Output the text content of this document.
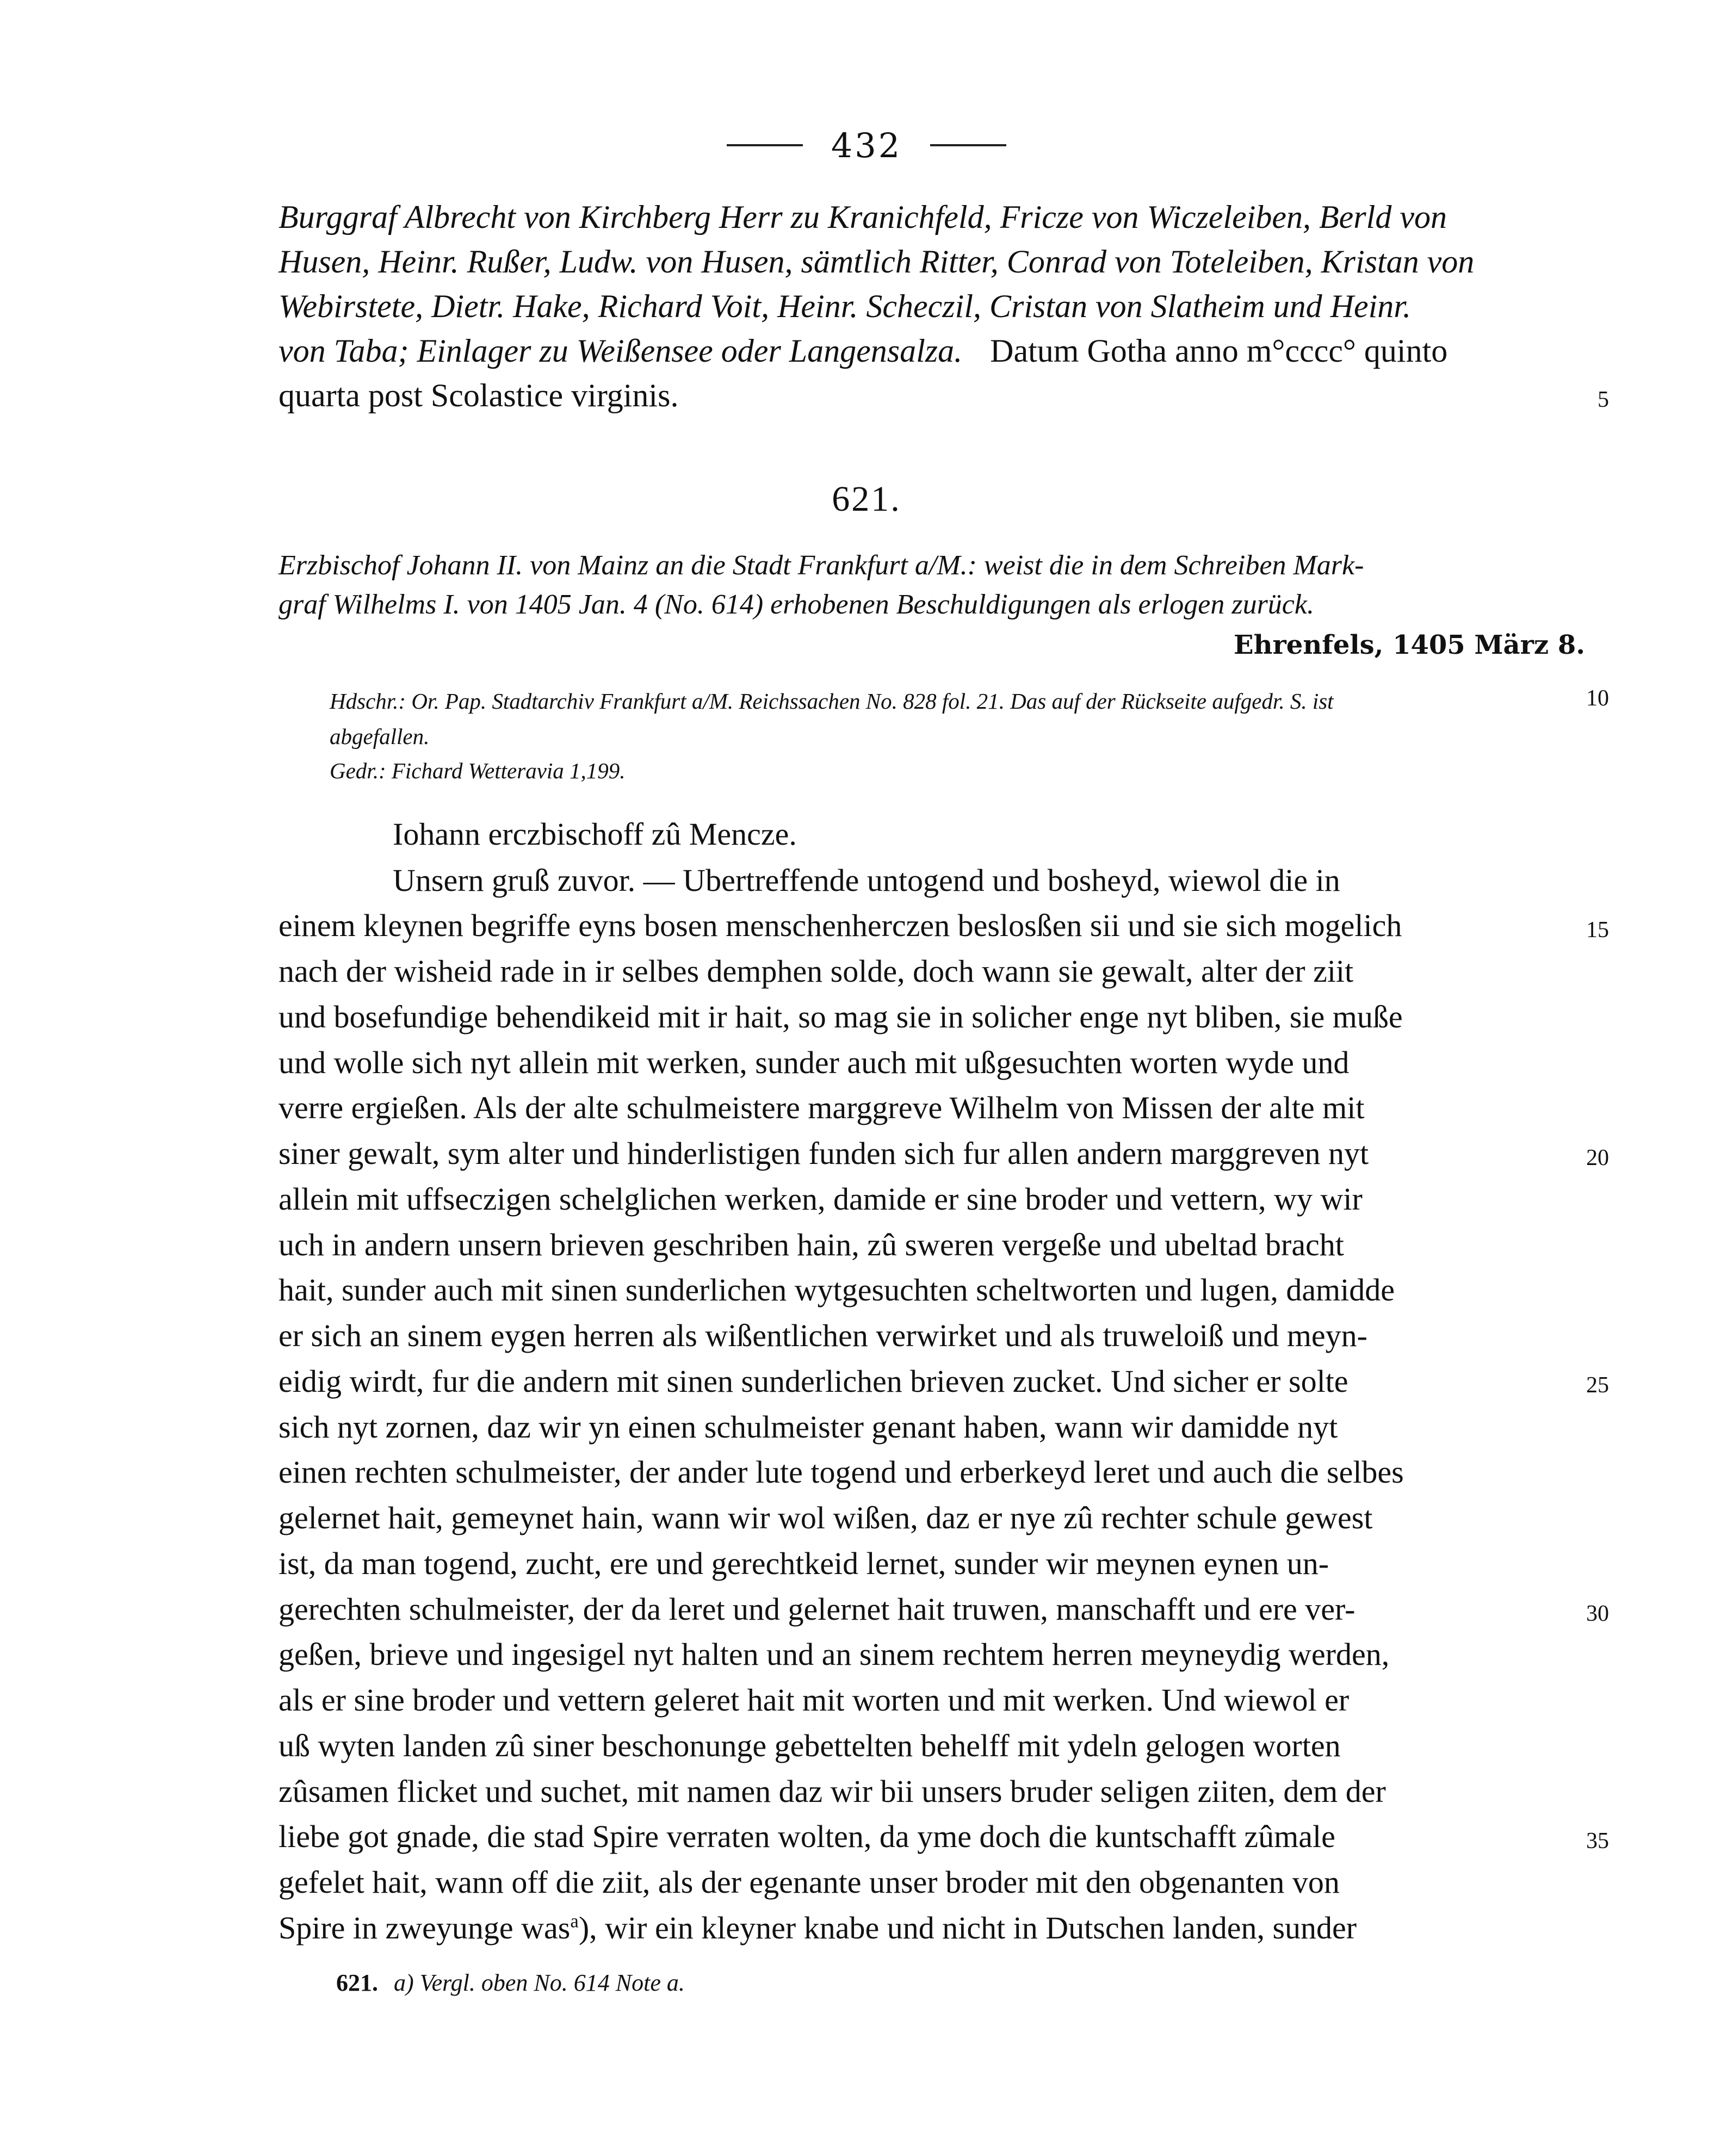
432
Burggraf Albrecht von Kirchberg Herr zu Kranichfeld, Fricze von Wiczeleiben, Berld von
Husen, Heinr. Rußer, Ludw. von Husen, sämtlich Ritter, Conrad von Toteleiben, Kristan von
Webirstete, Dietr. Hake, Richard Voit, Heinr. Scheczil, Cristan von Slatheim und Heinr.
von Taba; Einlager zu Weißensee oder Langensalza. Datum Gotha anno m°cccc° quinto
quarta post Scolastice virginis.	5
10
15
20
25
30
35
621.
Erzbischof Johann II. von Mainz an die Stadt Frankfurt a/M.: weist die in dem Schreiben Mark-
graf Wilhelms I. von 1405 Jan. 4 (No. 614) erhobenen Beschuldigungen als erlogen zurück.
Ehrenfels, 1405 März 8.
Hdschr.: Or. Pap. Stadtarchiv Frankfurt a/M. Reichssachen No. 828 fol. 21. Das auf der Rückseite aufgedr. S. ist
abgefallen.
Gedr.: Fichard Wetteravia 1,199.
Iohann erczbischoff zû Mencze.
Unsern gruß zuvor. — Ubertreffende untogend und bosheyd, wiewol die in
einem kleynen begriffe eyns bosen menschenherczen beslosßen sii und sie sich mogelich
nach der wisheid rade in ir selbes demphen solde, doch wann sie gewalt, alter der ziit
und bosefundige behendikeid mit ir hait, so mag sie in solicher enge nyt bliben, sie muße
und wolle sich nyt allein mit werken, sunder auch mit ußgesuchten worten wyde und
verre ergießen. Als der alte schulmeistere marggreve Wilhelm von Missen der alte mit
siner gewalt, sym alter und hinderlistigen funden sich fur allen andern marggreven nyt
allein mit uffseczigen schelglichen werken, damide er sine broder und vettern, wy wir
uch in andern unsern brieven geschriben hain, zû sweren vergeße und ubeltad bracht
hait, sunder auch mit sinen sunderlichen wytgesuchten scheltworten und lugen, damidde
er sich an sinem eygen herren als wißentlichen verwirket und als truweloiß und meyn-
eidig wirdt, fur die andern mit sinen sunderlichen brieven zucket. Und sicher er solte
sich nyt zornen, daz wir yn einen schulmeister genant haben, wann wir damidde nyt
einen rechten schulmeister, der ander lute togend und erberkeyd leret und auch die selbes
gelernet hait, gemeynet hain, wann wir wol wißen, daz er nye zû rechter schule gewest
ist, da man togend, zucht, ere und gerechtkeid lernet, sunder wir meynen eynen un-
gerechten schulmeister, der da leret und gelernet hait truwen, manschafft und ere ver-
geßen, brieve und ingesigel nyt halten und an sinem rechtem herren meyneydig werden,
als er sine broder und vettern geleret hait mit worten und mit werken. Und wiewol er
uß wyten landen zû siner beschonunge gebettelten behelff mit ydeln gelogen worten
zûsamen flicket und suchet, mit namen daz wir bii unsers bruder seligen ziiten, dem der
liebe got gnade, die stad Spire verraten wolten, da yme doch die kuntschafft zûmale
gefelet hait, wann off die ziit, als der egenante unser broder mit den obgenanten von
Spire in zweyunge was$^a$), wir ein kleyner knabe und nicht in Dutschen landen, sunder
621. a) Vergl. oben No. 614 Note a.
